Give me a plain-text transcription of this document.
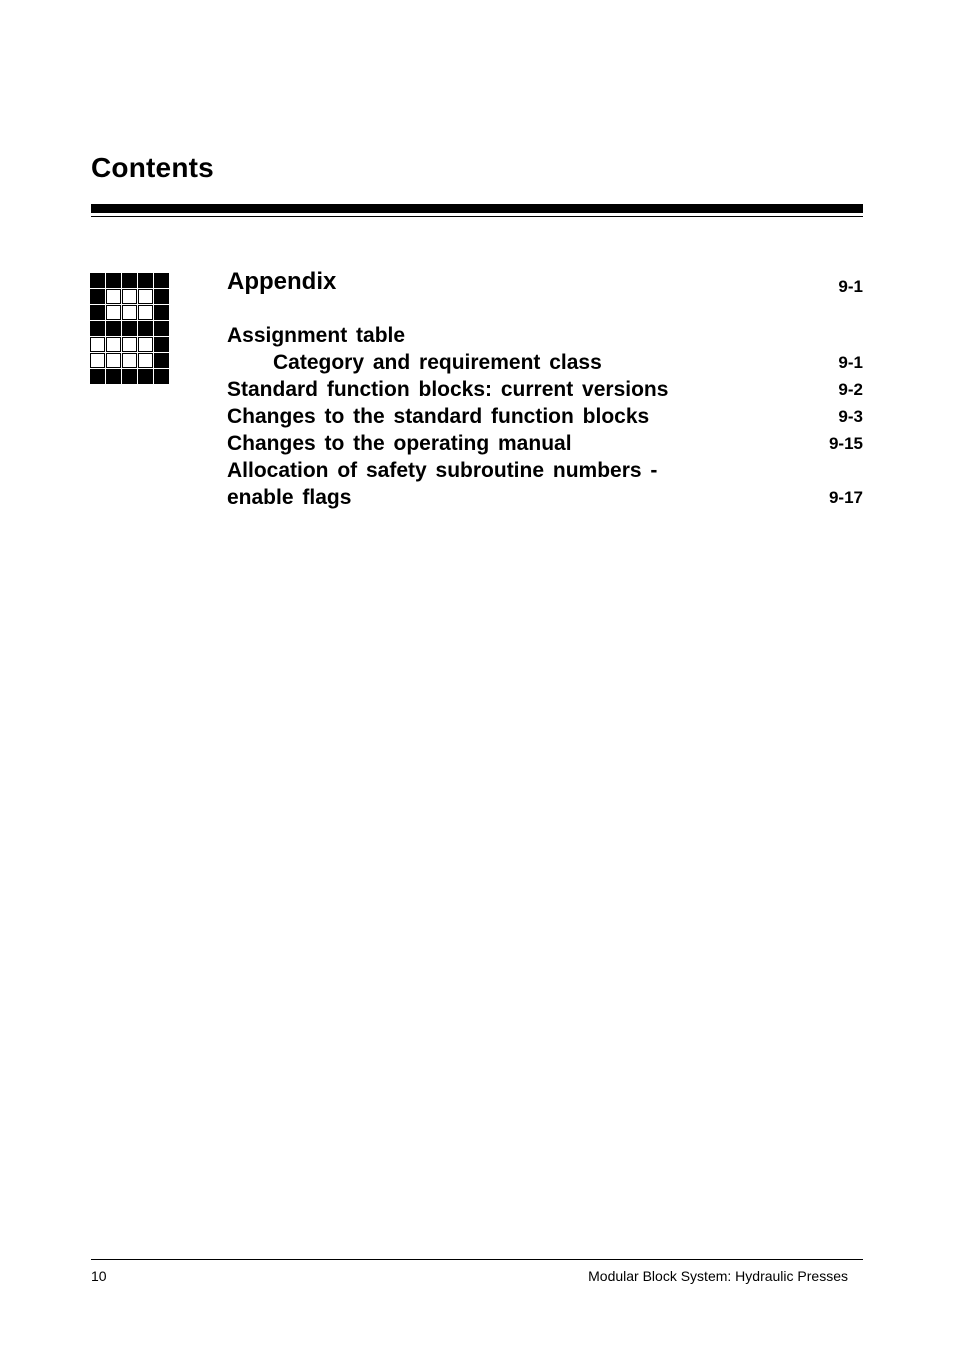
Contents
Appendix	9-1
Assignment table
Category and requirement class	9-1
Standard function blocks: current versions	9-2
Changes to the standard function blocks	9-3
Changes to the operating manual	9-15
Allocation of safety subroutine numbers -
enable flags	9-17
10	Modular Block System: Hydraulic Presses
